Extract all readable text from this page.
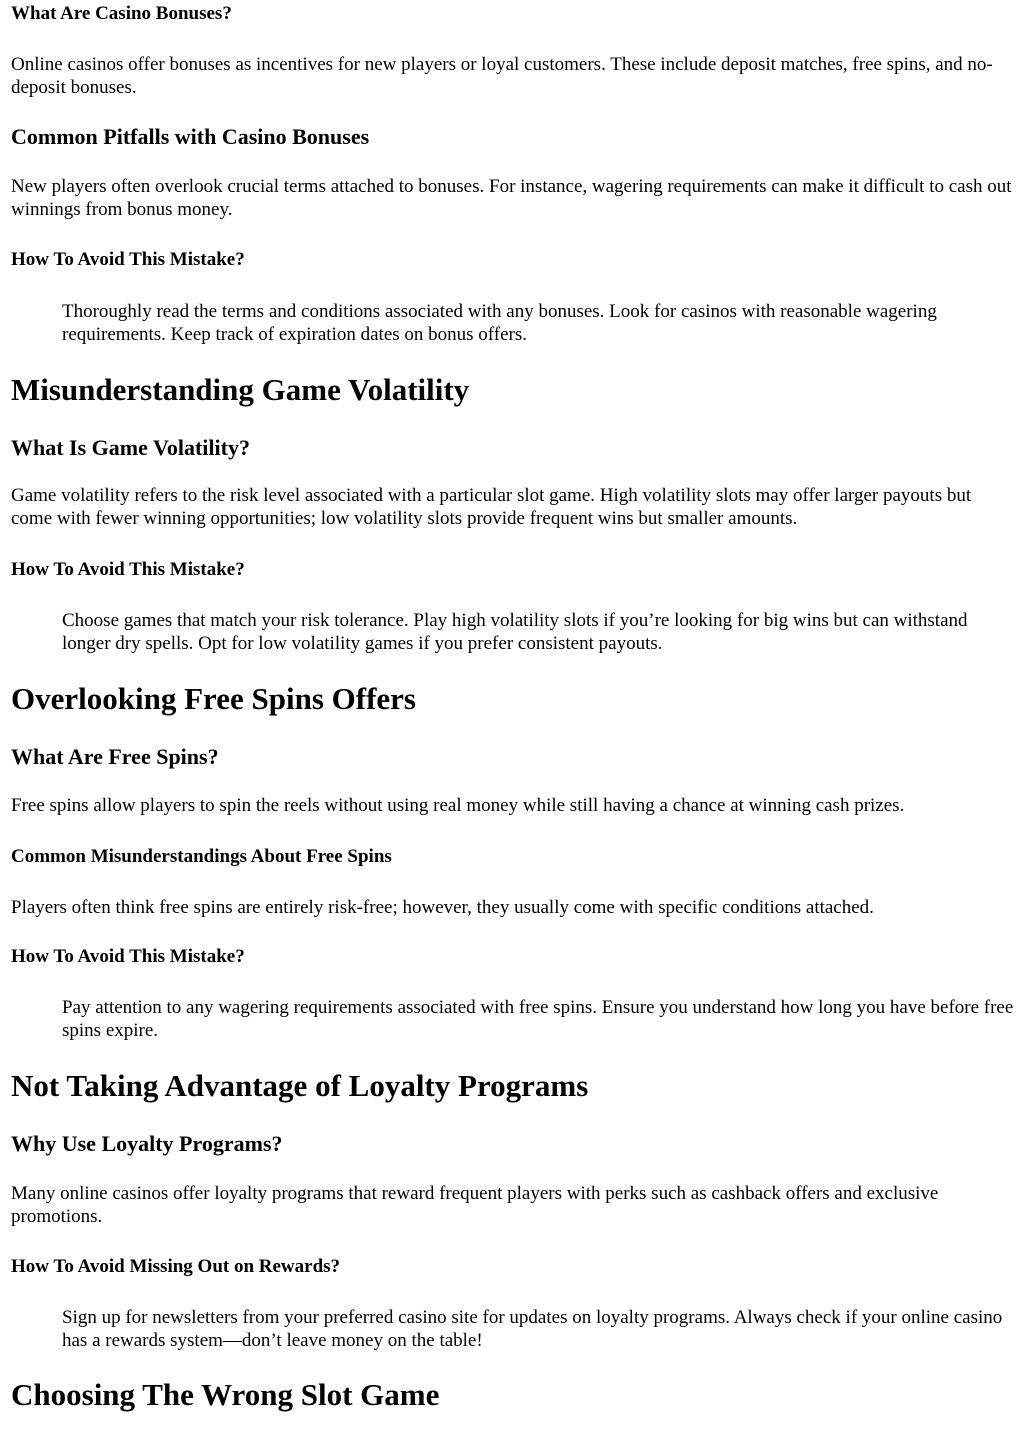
What Are Casino Bonuses?

Online casinos offer bonuses as incentives for new players or loyal customers. These include deposit matches, free spins, and no-deposit bonuses.

Common Pitfalls with Casino Bonuses

New players often overlook crucial terms attached to bonuses. For instance, wagering requirements can make it difficult to cash out winnings from bonus money.

How To Avoid This Mistake?
Thoroughly read the terms and conditions associated with any bonuses. Look for casinos with reasonable wagering requirements. Keep track of expiration dates on bonus offers.
Misunderstanding Game Volatility
What Is Game Volatility?

Game volatility refers to the risk level associated with a particular slot game. High volatility slots may offer larger payouts but come with fewer winning opportunities; low volatility slots provide frequent wins but smaller amounts.

How To Avoid This Mistake?
Choose games that match your risk tolerance. Play high volatility slots if you’re looking for big wins but can withstand longer dry spells. Opt for low volatility games if you prefer consistent payouts.
Overlooking Free Spins Offers
What Are Free Spins?

Free spins allow players to spin the reels without using real money while still having a chance at winning cash prizes.

Common Misunderstandings About Free Spins

Players often think free spins are entirely risk-free; however, they usually come with specific conditions attached.

How To Avoid This Mistake?
Pay attention to any wagering requirements associated with free spins. Ensure you understand how long you have before free spins expire.
Not Taking Advantage of Loyalty Programs
Why Use Loyalty Programs?

Many online casinos offer loyalty programs that reward frequent players with perks such as cashback offers and exclusive promotions.

How To Avoid Missing Out on Rewards?
Sign up for newsletters from your preferred casino site for updates on loyalty programs. Always check if your online casino has a rewards system—don’t leave money on the table!
Choosing The Wrong Slot Game
